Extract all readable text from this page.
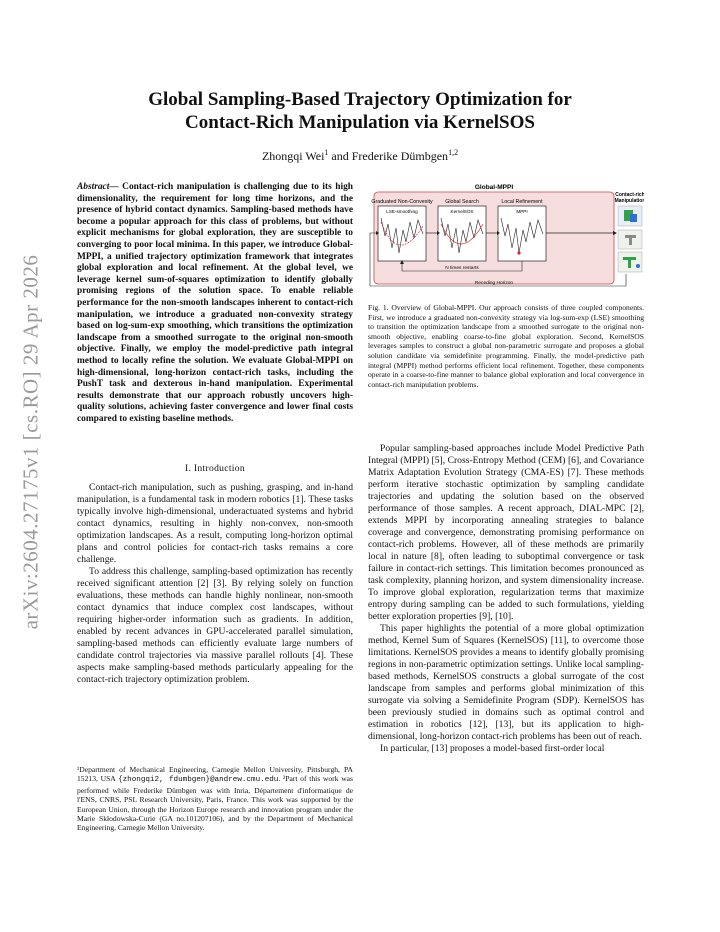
arXiv:2604.27175v1 [cs.RO] 29 Apr 2026
Global Sampling-Based Trajectory Optimization for
Contact-Rich Manipulation via KernelSOS
Zhongqi Wei$^1$ and Frederike Dümbgen$^{1,2}$
Abstract— Contact-rich manipulation is challenging due to its high dimensionality, the requirement for long time horizons, and the presence of hybrid contact dynamics. Sampling-based methods have become a popular approach for this class of problems, but without explicit mechanisms for global exploration, they are susceptible to converging to poor local minima. In this paper, we introduce Global-MPPI, a unified trajectory optimization framework that integrates global exploration and local refinement. At the global level, we leverage kernel sum-of-squares optimization to identify globally promising regions of the solution space. To enable reliable performance for the non-smooth landscapes inherent to contact-rich manipulation, we introduce a graduated non-convexity strategy based on log-sum-exp smoothing, which transitions the optimization landscape from a smoothed surrogate to the original non-smooth objective. Finally, we employ the model-predictive path integral method to locally refine the solution. We evaluate Global-MPPI on high-dimensional, long-horizon contact-rich tasks, including the PushT task and dexterous in-hand manipulation. Experimental results demonstrate that our approach robustly uncovers high-quality solutions, achieving faster convergence and lower final costs compared to existing baseline methods.
I. Introduction

Contact-rich manipulation, such as pushing, grasping, and in-hand manipulation, is a fundamental task in modern robotics [1]. These tasks typically involve high-dimensional, underactuated systems and hybrid contact dynamics, resulting in highly non-convex, non-smooth optimization landscapes. As a result, computing long-horizon optimal plans and control policies for contact-rich tasks remains a core challenge.

To address this challenge, sampling-based optimization has recently received significant attention [2] [3]. By relying solely on function evaluations, these methods can handle highly nonlinear, non-smooth contact dynamics that induce complex cost landscapes, without requiring higher-order information such as gradients. In addition, enabled by recent advances in GPU-accelerated parallel simulation, sampling-based methods can efficiently evaluate large numbers of candidate control trajectories via massive parallel rollouts [4]. These aspects make sampling-based methods particularly appealing for the contact-rich trajectory optimization problem.

¹Department of Mechanical Engineering, Carnegie Mellon University, Pittsburgh, PA 15213, USA {zhongqi2, fdumbgen}@andrew.cmu.edu. ²Part of this work was performed while Frederike Dümbgen was with Inria, Département d'informatique de l'ENS, CNRS, PSL Research University, Paris, France. This work was supported by the European Union, through the Horizon Europe research and innovation program under the Marie Skłodowska-Curie (GA no.101207106), and by the Department of Mechanical Engineering, Carnegie Mellon University.
Global-MPPI
Graduated Non-Convexity
LSE-smoothing
Global Search
KernelSOS
Local Refinement
MPPI
N times restarts
Receding Horizon
Contact-rich
Manipulation
Fig. 1. Overview of Global-MPPI. Our approach consists of three coupled components. First, we introduce a graduated non-convexity strategy via log-sum-exp (LSE) smoothing to transition the optimization landscape from a smoothed surrogate to the original non-smooth objective, enabling coarse-to-fine global exploration. Second, KernelSOS leverages samples to construct a global non-parametric surrogate and proposes a global solution candidate via semidefinite programming. Finally, the model-predictive path integral (MPPI) method performs efficient local refinement. Together, these components operate in a coarse-to-fine manner to balance global exploration and local convergence in contact-rich manipulation problems.

Popular sampling-based approaches include Model Predictive Path Integral (MPPI) [5], Cross-Entropy Method (CEM) [6], and Covariance Matrix Adaptation Evolution Strategy (CMA-ES) [7]. These methods perform iterative stochastic optimization by sampling candidate trajectories and updating the solution based on the observed performance of those samples. A recent approach, DIAL-MPC [2], extends MPPI by incorporating annealing strategies to balance coverage and convergence, demonstrating promising performance on contact-rich problems. However, all of these methods are primarily local in nature [8], often leading to suboptimal convergence or task failure in contact-rich settings. This limitation becomes pronounced as task complexity, planning horizon, and system dimensionality increase. To improve global exploration, regularization terms that maximize entropy during sampling can be added to such formulations, yielding better exploration properties [9], [10].

This paper highlights the potential of a more global optimization method, Kernel Sum of Squares (KernelSOS) [11], to overcome those limitations. KernelSOS provides a means to identify globally promising regions in non-parametric optimization settings. Unlike local sampling-based methods, KernelSOS constructs a global surrogate of the cost landscape from samples and performs global minimization of this surrogate via solving a Semidefinite Program (SDP). KernelSOS has been previously studied in domains such as optimal control and estimation in robotics [12], [13], but its application to high-dimensional, long-horizon contact-rich problems has been out of reach.

In particular, [13] proposes a model-based first-order local
